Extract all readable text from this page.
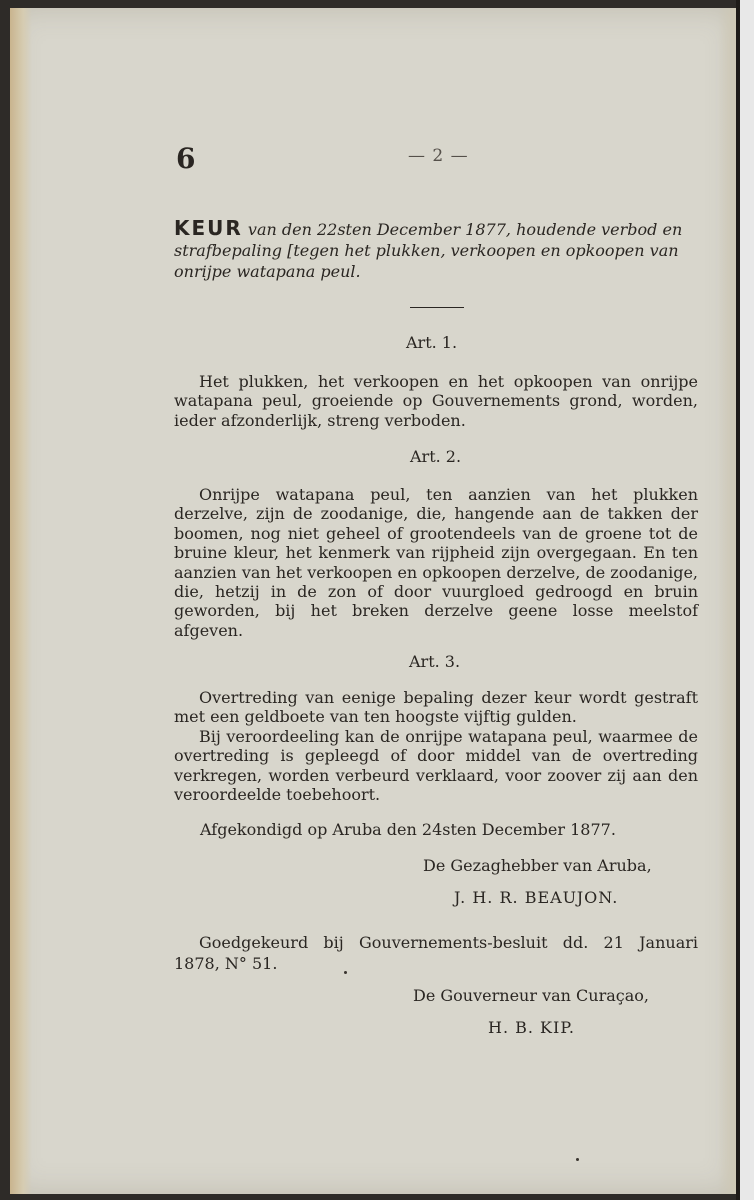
6	— 2 —
KEUR van den 22sten December 1877, houdende verbod en strafbepaling [tegen het plukken, verkoopen en opkoopen van onrijpe watapana peul.
Art. 1.

Het plukken, het verkoopen en het opkoopen van onrijpe watapana peul, groeiende op Gouvernements grond, worden, ieder afzonderlijk, streng verboden.

Art. 2.

Onrijpe watapana peul, ten aanzien van het plukken derzelve, zijn de zoodanige, die, hangende aan de takken der boomen, nog niet geheel of grootendeels van de groene tot de bruine kleur, het kenmerk van rijpheid zijn overgegaan. En ten aanzien van het verkoopen en opkoopen derzelve, de zoodanige, die, hetzij in de zon of door vuurgloed gedroogd en bruin geworden, bij het breken derzelve geene losse meelstof afgeven.

Art. 3.

Overtreding van eenige bepaling dezer keur wordt gestraft met een geldboete van ten hoogste vijftig gulden.

Bij veroordeeling kan de onrijpe watapana peul, waarmee de overtreding is gepleegd of door middel van de overtreding verkregen, worden verbeurd verklaard, voor zoover zij aan den veroordeelde toebehoort.

Afgekondigd op Aruba den 24sten December 1877.
De Gezaghebber van Aruba,
J. H. R. BEAUJON.

Goedgekeurd bij Gouvernements-besluit dd. 21 Januari 1878, N° 51.

De Gouverneur van Curaçao,
H. B. KIP.
